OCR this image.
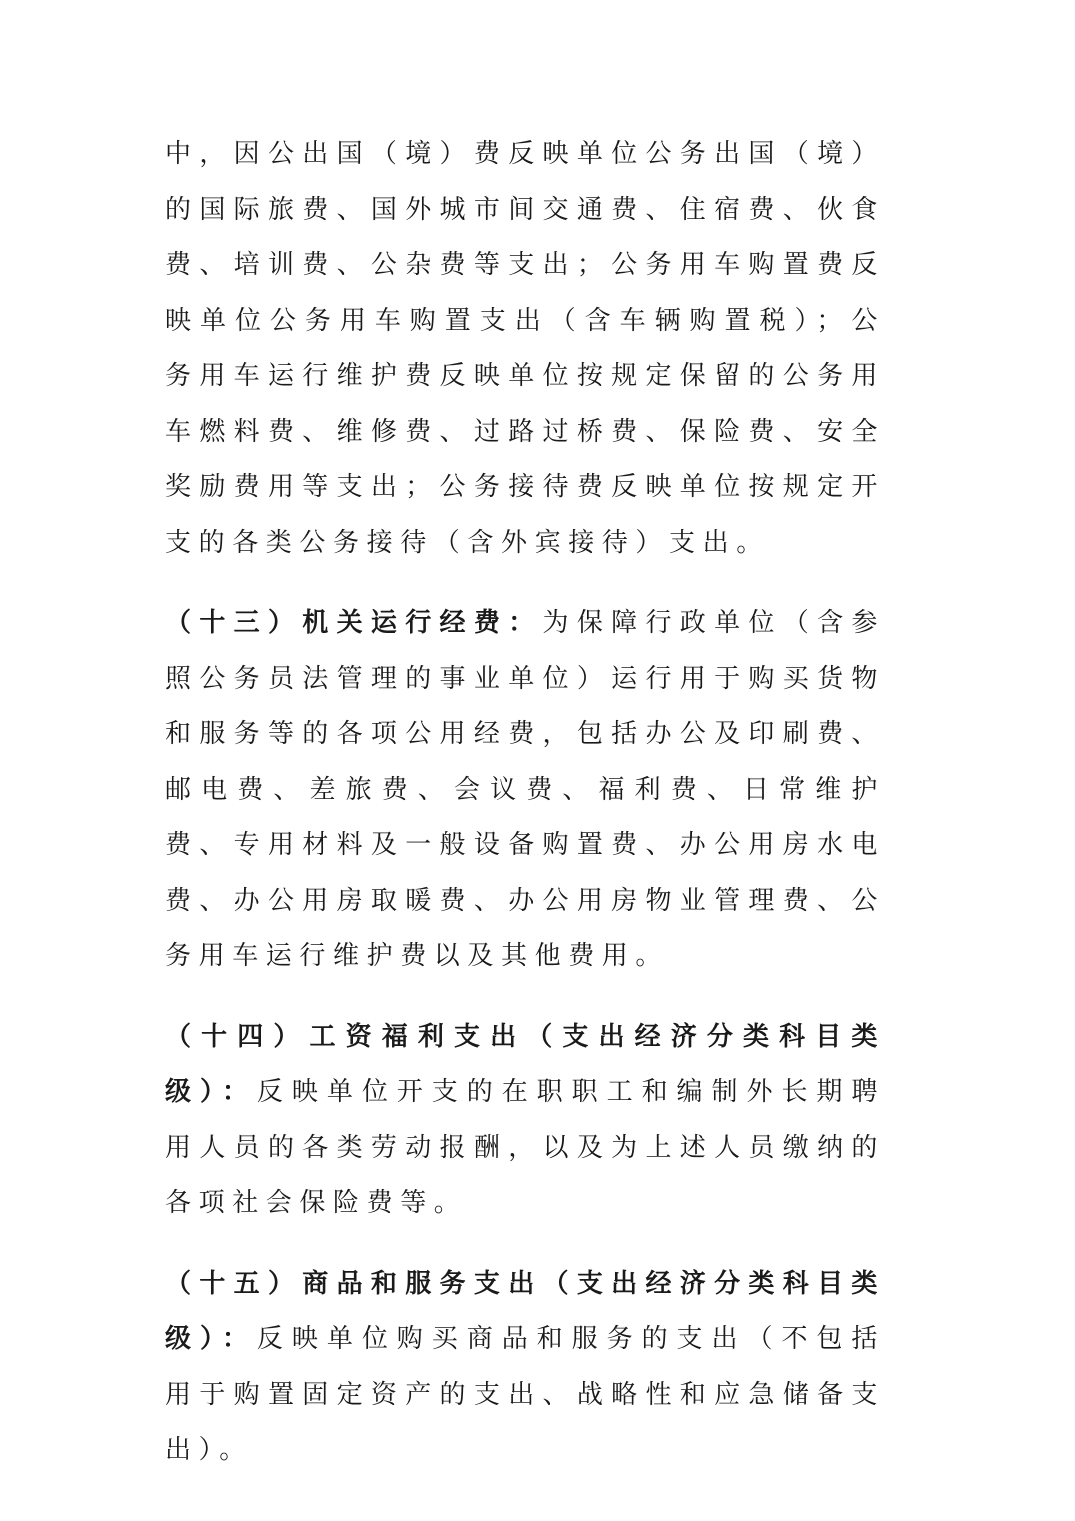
中，因公出国（境）费反映单位公务出国（境）的国际旅费、国外城市间交通费、住宿费、伙食费、培训费、公杂费等支出；公务用车购置费反映单位公务用车购置支出（含车辆购置税）；公务用车运行维护费反映单位按规定保留的公务用车燃料费、维修费、过路过桥费、保险费、安全奖励费用等支出；公务接待费反映单位按规定开支的各类公务接待（含外宾接待）支出。

（十三）机关运行经费：为保障行政单位（含参照公务员法管理的事业单位）运行用于购买货物和服务等的各项公用经费，包括办公及印刷费、邮电费、差旅费、会议费、福利费、日常维护费、专用材料及一般设备购置费、办公用房水电费、办公用房取暖费、办公用房物业管理费、公务用车运行维护费以及其他费用。

（十四）工资福利支出（支出经济分类科目类级）：反映单位开支的在职职工和编制外长期聘用人员的各类劳动报酬，以及为上述人员缴纳的各项社会保险费等。

（十五）商品和服务支出（支出经济分类科目类级）：反映单位购买商品和服务的支出（不包括用于购置固定资产的支出、战略性和应急储备支出）。
